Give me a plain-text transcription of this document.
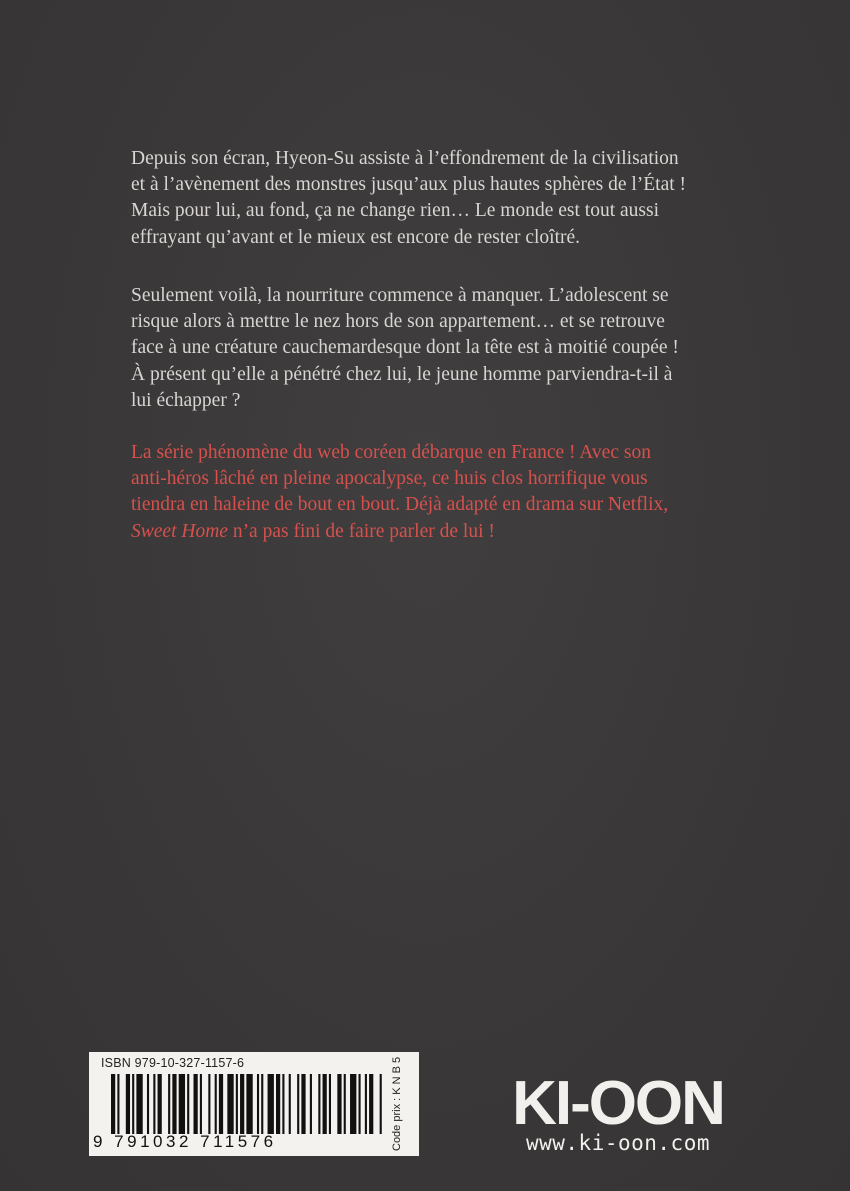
Depuis son écran, Hyeon-Su assiste à l’effondrement de la civilisation
et à l’avènement des monstres jusqu’aux plus hautes sphères de l’État !
Mais pour lui, au fond, ça ne change rien… Le monde est tout aussi
effrayant qu’avant et le mieux est encore de rester cloîtré.

Seulement voilà, la nourriture commence à manquer. L’adolescent se
risque alors à mettre le nez hors de son appartement… et se retrouve
face à une créature cauchemardesque dont la tête est à moitié coupée !
À présent qu’elle a pénétré chez lui, le jeune homme parviendra-t-il à
lui échapper ?

La série phénomène du web coréen débarque en France ! Avec son
anti-héros lâché en pleine apocalypse, ce huis clos horrifique vous
tiendra en haleine de bout en bout. Déjà adapté en drama sur Netflix,
Sweet Home n’a pas fini de faire parler de lui !

ISBN 979-10-327-1157-6
9 791032 711576	Code prix : K N B 5 KI-OON
www.ki-oon.com
